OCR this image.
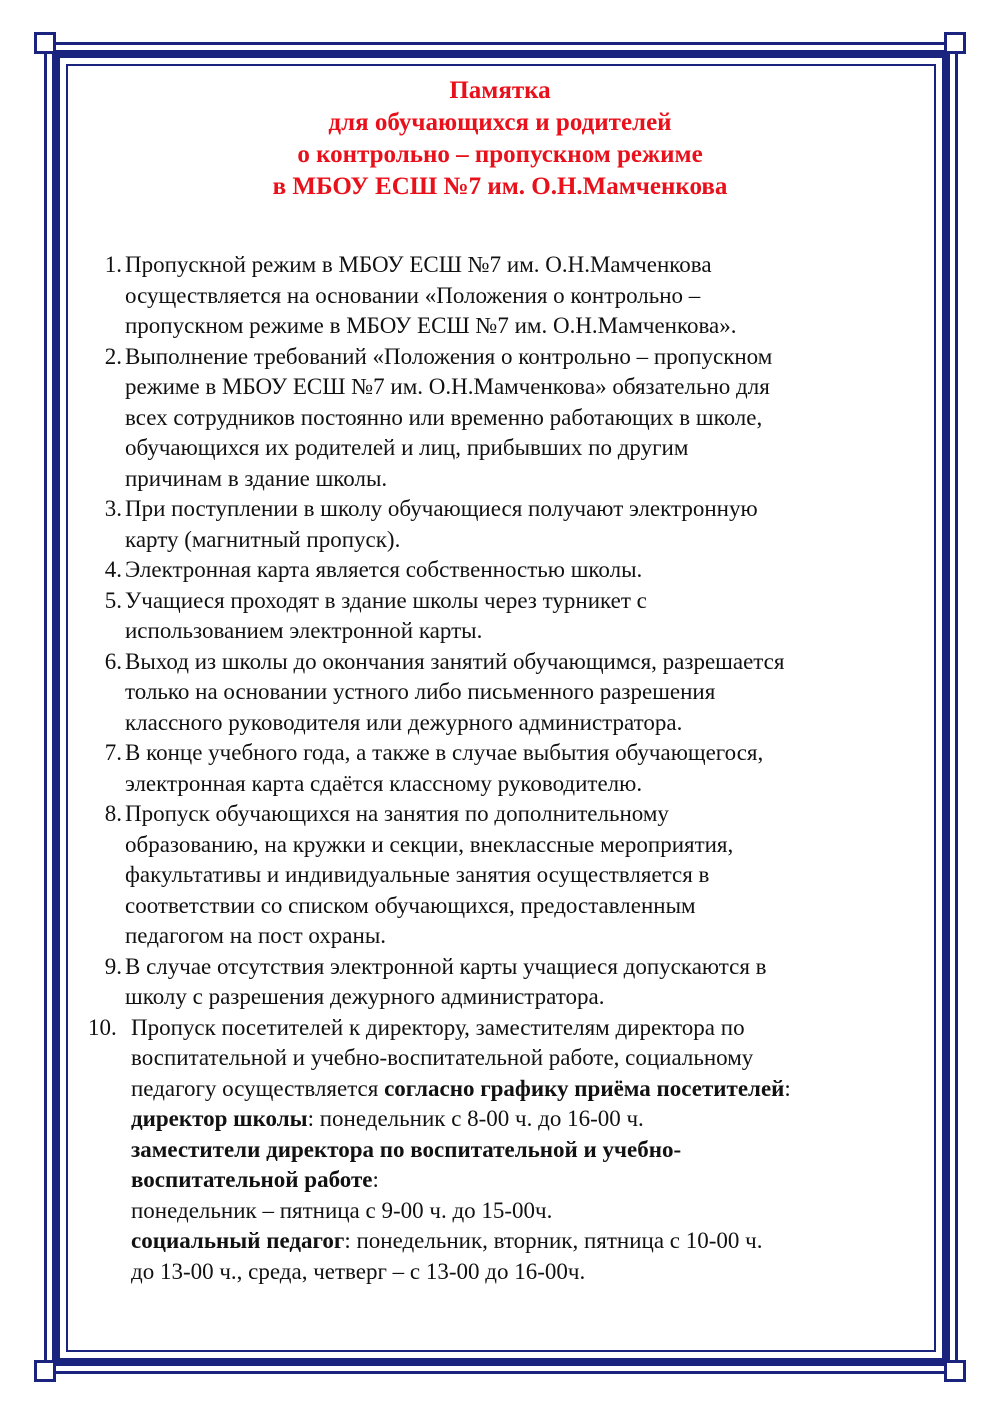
Памятка
для обучающихся и родителей
о контрольно – пропускном режиме
в МБОУ ЕСШ №7 им. О.Н.Мамченкова
1. Пропускной режим в МБОУ ЕСШ №7 им. О.Н.Мамченкова
осуществляется на основании «Положения о контрольно –
пропускном режиме в МБОУ ЕСШ №7 им. О.Н.Мамченкова».
2. Выполнение требований «Положения о контрольно – пропускном
режиме в МБОУ ЕСШ №7 им. О.Н.Мамченкова» обязательно для
всех сотрудников постоянно или временно работающих в школе,
обучающихся их родителей и лиц, прибывших по другим
причинам в здание школы.
3. При поступлении в школу обучающиеся получают электронную
карту (магнитный пропуск).
4. Электронная карта является собственностью школы.
5. Учащиеся проходят в здание школы через турникет с
использованием электронной карты.
6. Выход из школы до окончания занятий обучающимся, разрешается
только на основании устного либо письменного разрешения
классного руководителя или дежурного администратора.
7. В конце учебного года, а также в случае выбытия обучающегося,
электронная карта сдаётся классному руководителю.
8. Пропуск обучающихся на занятия по дополнительному
образованию, на кружки и секции, внеклассные мероприятия,
факультативы и индивидуальные занятия осуществляется в
соответствии со списком обучающихся, предоставленным
педагогом на пост охраны.
9. В случае отсутствия электронной карты учащиеся допускаются в
школу с разрешения дежурного администратора.
10. Пропуск посетителей к директору, заместителям директора по
воспитательной и учебно-воспитательной работе, социальному
педагогу осуществляется согласно графику приёма посетителей:
директор школы: понедельник с 8-00 ч. до 16-00 ч.
заместители директора по воспитательной и учебно-
воспитательной работе:
понедельник – пятница с 9-00 ч. до 15-00ч.
социальный педагог: понедельник, вторник, пятница с 10-00 ч.
до 13-00 ч., среда, четверг – с 13-00 до 16-00ч.
